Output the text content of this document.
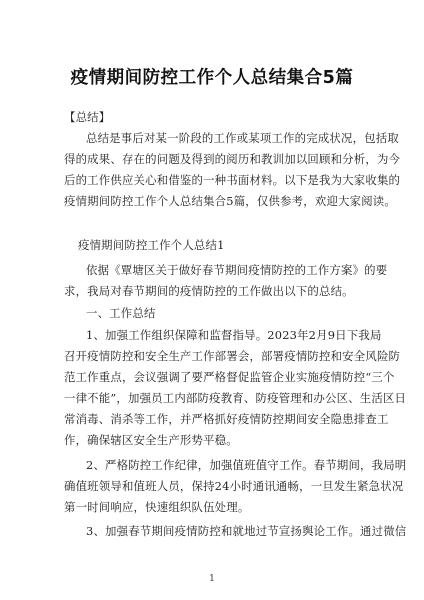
疫情期间防控工作个人总结集合5篇
【总结】
总结是事后对某一阶段的工作或某项工作的完成状况，包括取
得的成果、存在的问题及得到的阅历和教训加以回顾和分析，为今
后的工作供应关心和借鉴的一种书面材料。以下是我为大家收集的
疫情期间防控工作个人总结集合5篇，仅供参考，欢迎大家阅读。
疫情期间防控工作个人总结1
依据《覃塘区关于做好春节期间疫情防控的工作方案》的要
求，我局对春节期间的疫情防控的工作做出以下的总结。
一、工作总结
1、加强工作组织保障和监督指导。2023年2月9日下我局
召开疫情防控和安全生产工作部署会，部署疫情防控和安全风险防
范工作重点，会议强调了要严格督促监管企业实施疫情防控“三个
一律不能”，加强员工内部防疫教育、防疫管理和办公区、生活区日
常消毒、消杀等工作，并严格抓好疫情防控期间安全隐患排查工
作，确保辖区安全生产形势平稳。
2、严格防控工作纪律，加强值班值守工作。春节期间，我局明
确值班领导和值班人员，保持24小时通讯通畅，一旦发生紧急状况
第一时间响应，快速组织队伍处理。
3、加强春节期间疫情防控和就地过节宣扬舆论工作。通过微信
1
